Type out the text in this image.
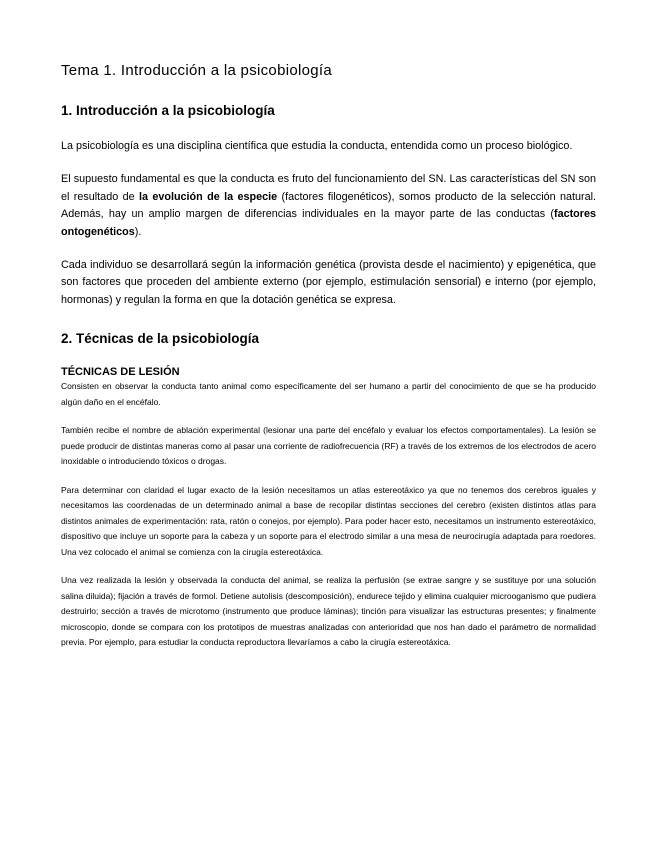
Tema 1. Introducción a la psicobiología
1. Introducción a la psicobiología

La psicobiología es una disciplina científica que estudia la conducta, entendida como un proceso biológico.

El supuesto fundamental es que la conducta es fruto del funcionamiento del SN. Las características del SN son el resultado de la evolución de la especie (factores filogenéticos), somos producto de la selección natural. Además, hay un amplio margen de diferencias individuales en la mayor parte de las conductas (factores ontogenéticos).

Cada individuo se desarrollará según la información genética (provista desde el nacimiento) y epigenética, que son factores que proceden del ambiente externo (por ejemplo, estimulación sensorial) e interno (por ejemplo, hormonas) y regulan la forma en que la dotación genética se expresa.

2. Técnicas de la psicobiología
TÉCNICAS DE LESIÓN

Consisten en observar la conducta tanto animal como específicamente del ser humano a partir del conocimiento de que se ha producido algún daño en el encéfalo.

También recibe el nombre de ablación experimental (lesionar una parte del encéfalo y evaluar los efectos comportamentales). La lesión se puede producir de distintas maneras como al pasar una corriente de radiofrecuencia (RF) a través de los extremos de los electrodos de acero inoxidable o introduciendo tóxicos o drogas.

Para determinar con claridad el lugar exacto de la lesión necesitamos un atlas estereotáxico ya que no tenemos dos cerebros iguales y necesitamos las coordenadas de un determinado animal a base de recopilar distintas secciones del cerebro (existen distintos atlas para distintos animales de experimentación: rata, ratón o conejos, por ejemplo). Para poder hacer esto, necesitamos un instrumento estereotáxico, dispositivo que incluye un soporte para la cabeza y un soporte para el electrodo similar a una mesa de neurocirugía adaptada para roedores. Una vez colocado el animal se comienza con la cirugía estereotáxica.

Una vez realizada la lesión y observada la conducta del animal, se realiza la perfusión (se extrae sangre y se sustituye por una solución salina diluida); fijación a través de formol. Detiene autolisis (descomposición), endurece tejido y elimina cualquier microoganismo que pudiera destruirlo; sección a través de microtomo (instrumento que produce láminas); tinción para visualizar las estructuras presentes; y finalmente microscopio, donde se compara con los prototipos de muestras analizadas con anterioridad que nos han dado el parámetro de normalidad previa. Por ejemplo, para estudiar la conducta reproductora llevaríamos a cabo la cirugía estereotáxica.
